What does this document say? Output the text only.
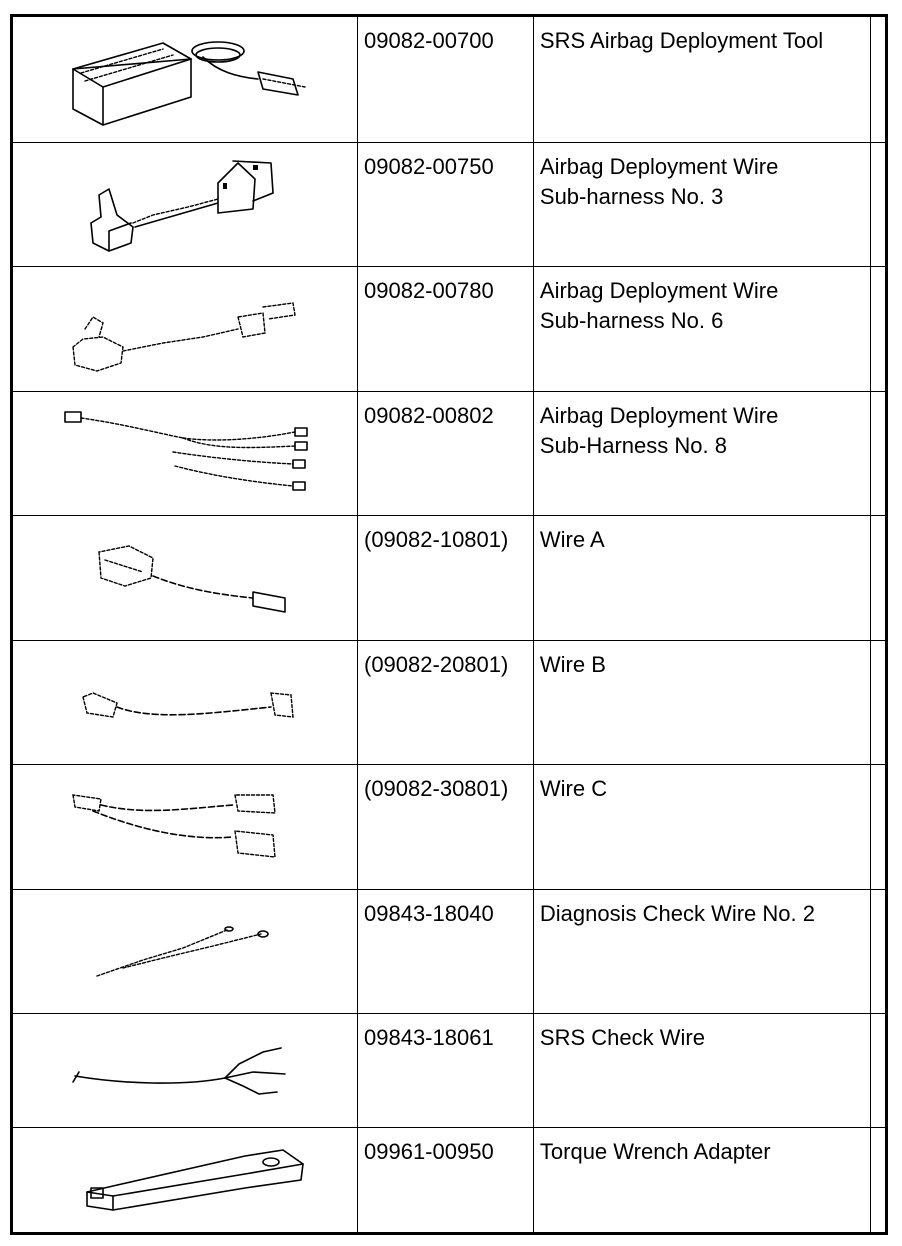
09082-00700	SRS Airbag Deployment Tool	

09082-00750	Airbag Deployment Wire
Sub-harness No. 3	

09082-00780	Airbag Deployment Wire
Sub-harness No. 6	

09082-00802	Airbag Deployment Wire
Sub-Harness No. 8	

(09082-10801)	Wire A	

(09082-20801)	Wire B	

(09082-30801)	Wire C	

09843-18040	Diagnosis Check Wire No. 2	

09843-18061	SRS Check Wire	

09961-00950	Torque Wrench Adapter	
